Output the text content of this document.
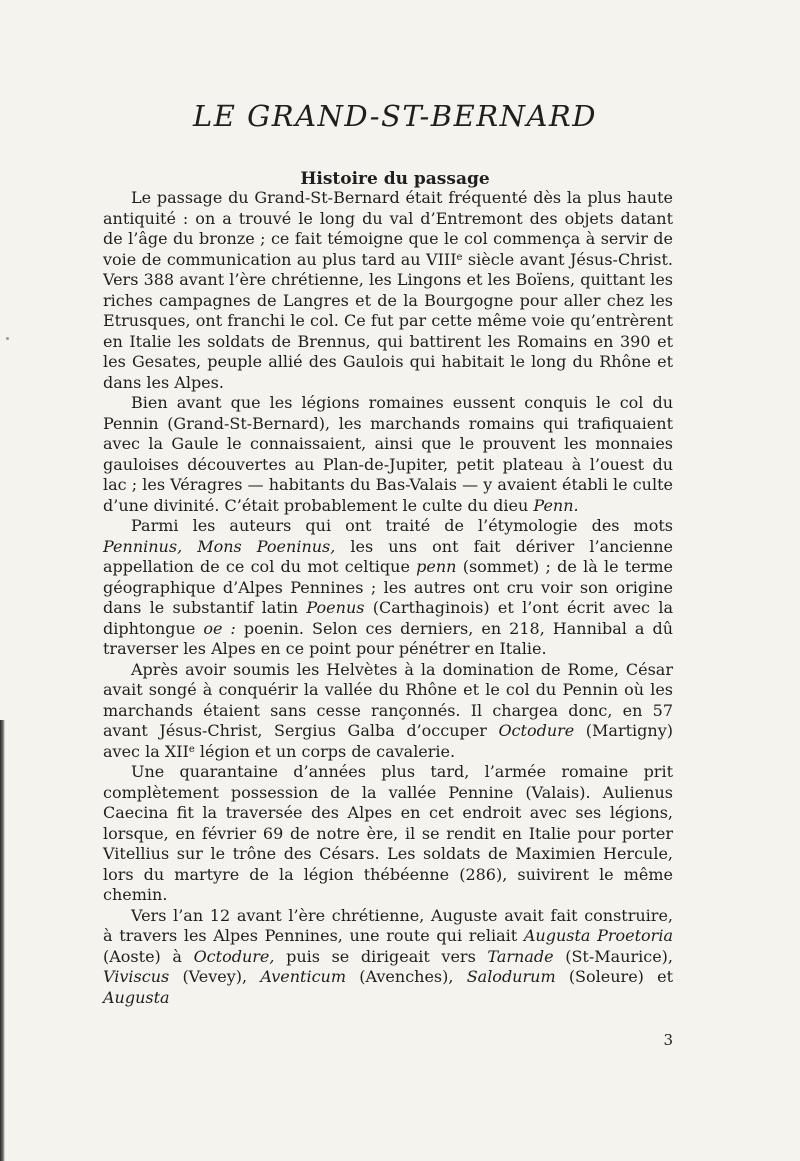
LE GRAND-ST-BERNARD
Histoire du passage

Le passage du Grand-St-Bernard était fréquenté dès la plus haute antiquité : on a trouvé le long du val d’Entremont des objets datant de l’âge du bronze ; ce fait témoigne que le col commença à servir de voie de communication au plus tard au VIIIe siècle avant Jésus-Christ. Vers 388 avant l’ère chrétienne, les Lingons et les Boïens, quittant les riches campagnes de Langres et de la Bourgogne pour aller chez les Etrusques, ont franchi le col. Ce fut par cette même voie qu’entrèrent en Italie les soldats de Brennus, qui battirent les Romains en 390 et les Gesates, peuple allié des Gaulois qui habitait le long du Rhône et dans les Alpes.

Bien avant que les légions romaines eussent conquis le col du Pennin (Grand-St-Bernard), les marchands romains qui trafiquaient avec la Gaule le connaissaient, ainsi que le prouvent les monnaies gauloises découvertes au Plan-de-Jupiter, petit plateau à l’ouest du lac ; les Véragres — habitants du Bas-Valais — y avaient établi le culte d’une divinité. C’était probablement le culte du dieu Penn.

Parmi les auteurs qui ont traité de l’étymologie des mots Penninus, Mons Poeninus, les uns ont fait dériver l’ancienne appellation de ce col du mot celtique penn (sommet) ; de là le terme géographique d’Alpes Pennines ; les autres ont cru voir son origine dans le substantif latin Poenus (Carthaginois) et l’ont écrit avec la diphtongue oe : poenin. Selon ces derniers, en 218, Hannibal a dû traverser les Alpes en ce point pour pénétrer en Italie.

Après avoir soumis les Helvètes à la domination de Rome, César avait songé à conquérir la vallée du Rhône et le col du Pennin où les marchands étaient sans cesse rançonnés. Il chargea donc, en 57 avant Jésus-Christ, Sergius Galba d’occuper Octodure (Martigny) avec la XIIe légion et un corps de cavalerie.

Une quarantaine d’années plus tard, l’armée romaine prit complètement possession de la vallée Pennine (Valais). Aulienus Caecina fit la traversée des Alpes en cet endroit avec ses légions, lorsque, en février 69 de notre ère, il se rendit en Italie pour porter Vitellius sur le trône des Césars. Les soldats de Maximien Hercule, lors du martyre de la légion thébéenne (286), suivirent le même chemin.

Vers l’an 12 avant l’ère chrétienne, Auguste avait fait construire, à travers les Alpes Pennines, une route qui reliait Augusta Proetoria (Aoste) à Octodure, puis se dirigeait vers Tarnade (St-Maurice), Viviscus (Vevey), Aventicum (Avenches), Salodurum (Soleure) et Augusta

3
